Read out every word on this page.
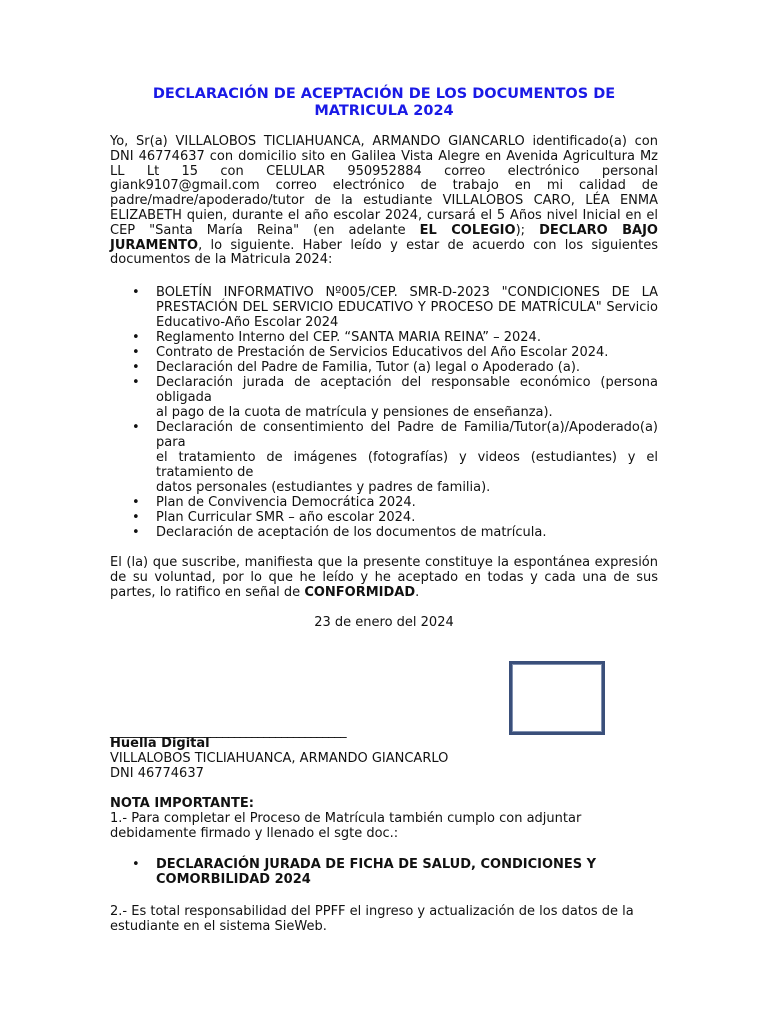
DECLARACIÓN DE ACEPTACIÓN DE LOS DOCUMENTOS DE MATRICULA 2024
Yo, Sr(a) VILLALOBOS TICLIAHUANCA, ARMANDO GIANCARLO identificado(a) con DNI 46774637 con domicilio sito en Galilea Vista Alegre en Avenida Agricultura Mz LL Lt 15 con CELULAR 950952884 correo electrónico personal giank9107@gmail.com correo electrónico de trabajo en mi calidad de padre/madre/apoderado/tutor de la estudiante VILLALOBOS CARO, LÉA ENMA ELIZABETH quien, durante el año escolar 2024, cursará el 5 Años nivel Inicial en el CEP "Santa María Reina" (en adelante EL COLEGIO); DECLARO BAJO JURAMENTO, lo siguiente. Haber leído y estar de acuerdo con los siguientes documentos de la Matricula 2024:
• BOLETÍN INFORMATIVO Nº005/CEP. SMR-D-2023 "CONDICIONES DE LA PRESTACIÓN DEL SERVICIO EDUCATIVO Y PROCESO DE MATRÍCULA" Servicio Educativo-Año Escolar 2024
• Reglamento Interno del CEP. “SANTA MARIA REINA” – 2024.
• Contrato de Prestación de Servicios Educativos del Año Escolar 2024.
• Declaración del Padre de Familia, Tutor (a) legal o Apoderado (a).
• Declaración jurada de aceptación del responsable económico (persona obligada
al pago de la cuota de matrícula y pensiones de enseñanza).
• Declaración de consentimiento del Padre de Familia/Tutor(a)/Apoderado(a) para
el tratamiento de imágenes (fotografías) y videos (estudiantes) y el tratamiento de
datos personales (estudiantes y padres de familia).
• Plan de Convivencia Democrática 2024.
• Plan Curricular SMR – año escolar 2024.
• Declaración de aceptación de los documentos de matrícula.
El (la) que suscribe, manifiesta que la presente constituye la espontánea expresión de su voluntad, por lo que he leído y he aceptado en todas y cada una de sus partes, lo ratifico en señal de CONFORMIDAD.
23 de enero del 2024
________________________________________
Huella Digital
VILLALOBOS TICLIAHUANCA, ARMANDO GIANCARLO
DNI 46774637
NOTA IMPORTANTE:
1.- Para completar el Proceso de Matrícula también cumplo con adjuntar debidamente firmado y llenado el sgte doc.:
• DECLARACIÓN JURADA DE FICHA DE SALUD, CONDICIONES Y COMORBILIDAD 2024
2.- Es total responsabilidad del PPFF el ingreso y actualización de los datos de la estudiante en el sistema SieWeb.
